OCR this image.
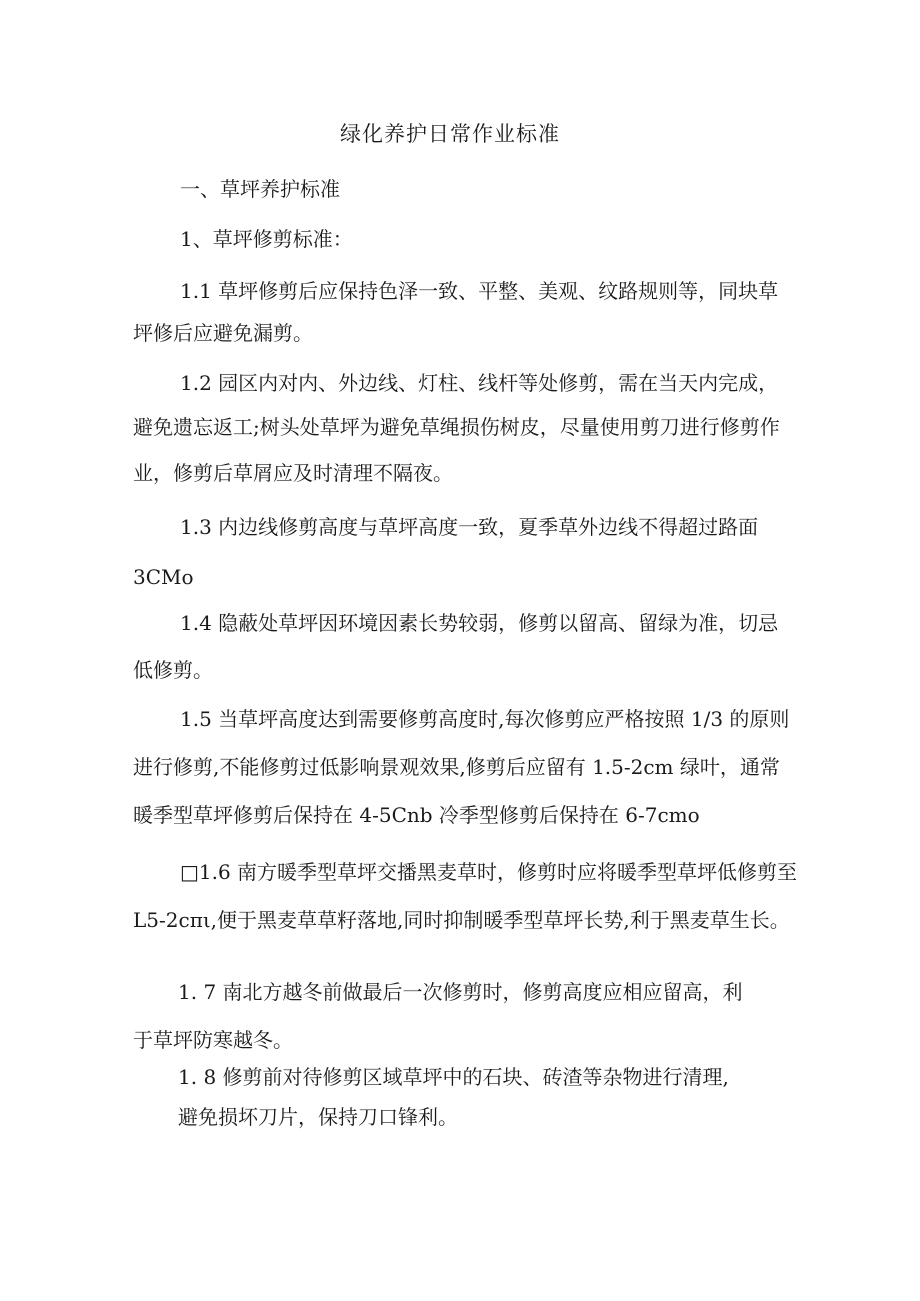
绿化养护日常作业标准
一、草坪养护标准
1、草坪修剪标准：
1.1 草坪修剪后应保持色泽一致、平整、美观、纹路规则等，同块草
坪修后应避免漏剪。
1.2 园区内对内、外边线、灯柱、线杆等处修剪，需在当天内完成，
避免遗忘返工;树头处草坪为避免草绳损伤树皮，尽量使用剪刀进行修剪作
业，修剪后草屑应及时清理不隔夜。
1.3 内边线修剪高度与草坪高度一致，夏季草外边线不得超过路面
3CMo
1.4 隐蔽处草坪因环境因素长势较弱，修剪以留高、留绿为准，切忌
低修剪。
1.5 当草坪高度达到需要修剪高度时,每次修剪应严格按照 1/3 的原则
进行修剪,不能修剪过低影响景观效果,修剪后应留有 1.5-2cm 绿叶，通常
暖季型草坪修剪后保持在 4-5Cnb 冷季型修剪后保持在 6-7cmo
□1.6 南方暖季型草坪交播黑麦草时，修剪时应将暖季型草坪低修剪至
L5-2cπι,便于黑麦草草籽落地,同时抑制暖季型草坪长势,利于黑麦草生长。
1. 7 南北方越冬前做最后一次修剪时，修剪高度应相应留高，利
于草坪防寒越冬。
1. 8 修剪前对待修剪区域草坪中的石块、砖渣等杂物进行清理,
避免损坏刀片，保持刀口锋利。
